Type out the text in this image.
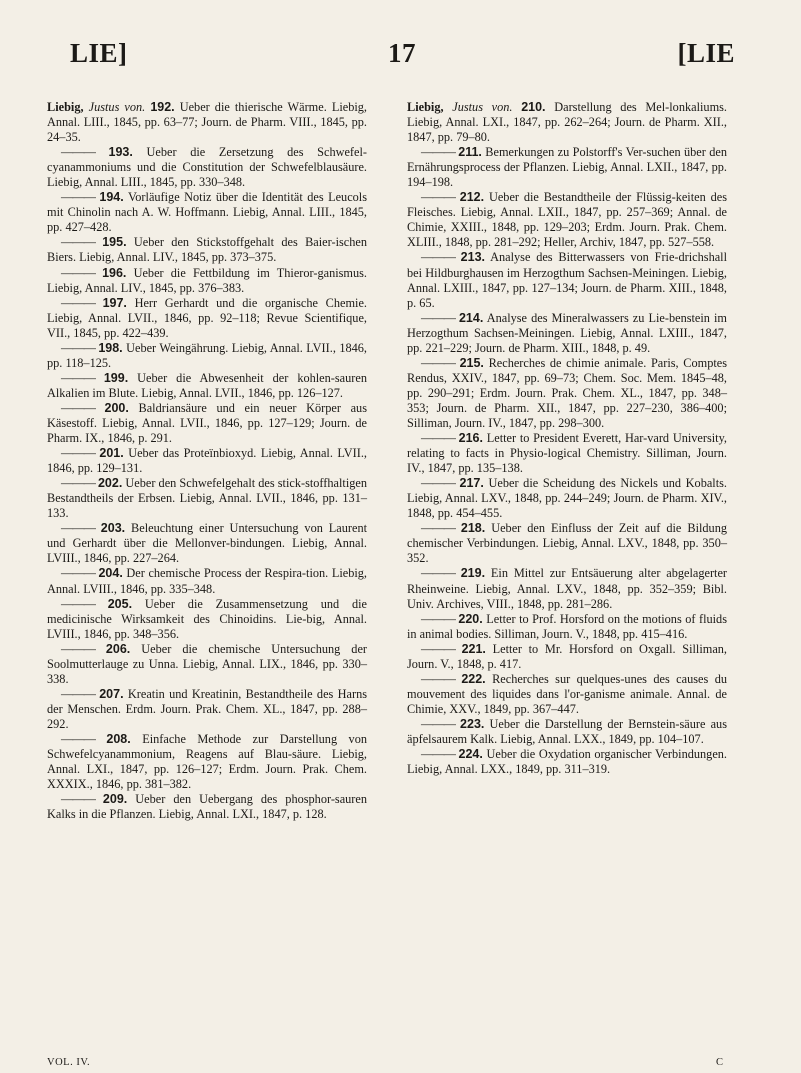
LIE]	17	[LIE

Liebig, Justus von. 192. Ueber die thierische Wärme. Liebig, Annal. LIII., 1845, pp. 63–77; Journ. de Pharm. VIII., 1845, pp. 24–35.

——— 193. Ueber die Zersetzung des Schwefel-cyanammoniums und die Constitution der Schwefelblausäure. Liebig, Annal. LIII., 1845, pp. 330–348.

——— 194. Vorläufige Notiz über die Identität des Leucols mit Chinolin nach A. W. Hoffmann. Liebig, Annal. LIII., 1845, pp. 427–428.

——— 195. Ueber den Stickstoffgehalt des Baier-ischen Biers. Liebig, Annal. LIV., 1845, pp. 373–375.

——— 196. Ueber die Fettbildung im Thieror-ganismus. Liebig, Annal. LIV., 1845, pp. 376–383.

——— 197. Herr Gerhardt und die organische Chemie. Liebig, Annal. LVII., 1846, pp. 92–118; Revue Scientifique, VII., 1845, pp. 422–439.

——— 198. Ueber Weingährung. Liebig, Annal. LVII., 1846, pp. 118–125.

——— 199. Ueber die Abwesenheit der kohlen-sauren Alkalien im Blute. Liebig, Annal. LVII., 1846, pp. 126–127.

——— 200. Baldriansäure und ein neuer Körper aus Käsestoff. Liebig, Annal. LVII., 1846, pp. 127–129; Journ. de Pharm. IX., 1846, p. 291.

——— 201. Ueber das Proteïnbioxyd. Liebig, Annal. LVII., 1846, pp. 129–131.

——— 202. Ueber den Schwefelgehalt des stick-stoffhaltigen Bestandtheils der Erbsen. Liebig, Annal. LVII., 1846, pp. 131–133.

——— 203. Beleuchtung einer Untersuchung von Laurent und Gerhardt über die Mellonver-bindungen. Liebig, Annal. LVIII., 1846, pp. 227–264.

——— 204. Der chemische Process der Respira-tion. Liebig, Annal. LVIII., 1846, pp. 335–348.

——— 205. Ueber die Zusammensetzung und die medicinische Wirksamkeit des Chinoidins. Lie-big, Annal. LVIII., 1846, pp. 348–356.

——— 206. Ueber die chemische Untersuchung der Soolmutterlauge zu Unna. Liebig, Annal. LIX., 1846, pp. 330–338.

——— 207. Kreatin und Kreatinin, Bestandtheile des Harns der Menschen. Erdm. Journ. Prak. Chem. XL., 1847, pp. 288–292.

——— 208. Einfache Methode zur Darstellung von Schwefelcyanammonium, Reagens auf Blau-säure. Liebig, Annal. LXI., 1847, pp. 126–127; Erdm. Journ. Prak. Chem. XXXIX., 1846, pp. 381–382.

——— 209. Ueber den Uebergang des phosphor-sauren Kalks in die Pflanzen. Liebig, Annal. LXI., 1847, p. 128.

Liebig, Justus von. 210. Darstellung des Mel-lonkaliums. Liebig, Annal. LXI., 1847, pp. 262–264; Journ. de Pharm. XII., 1847, pp. 79–80.

——— 211. Bemerkungen zu Polstorff's Ver-suchen über den Ernährungsprocess der Pflanzen. Liebig, Annal. LXII., 1847, pp. 194–198.

——— 212. Ueber die Bestandtheile der Flüssig-keiten des Fleisches. Liebig, Annal. LXII., 1847, pp. 257–369; Annal. de Chimie, XXIII., 1848, pp. 129–203; Erdm. Journ. Prak. Chem. XLIII., 1848, pp. 281–292; Heller, Archiv, 1847, pp. 527–558.

——— 213. Analyse des Bitterwassers von Frie-drichshall bei Hildburghausen im Herzogthum Sachsen-Meiningen. Liebig, Annal. LXIII., 1847, pp. 127–134; Journ. de Pharm. XIII., 1848, p. 65.

——— 214. Analyse des Mineralwassers zu Lie-benstein im Herzogthum Sachsen-Meiningen. Liebig, Annal. LXIII., 1847, pp. 221–229; Journ. de Pharm. XIII., 1848, p. 49.

——— 215. Recherches de chimie animale. Paris, Comptes Rendus, XXIV., 1847, pp. 69–73; Chem. Soc. Mem. 1845–48, pp. 290–291; Erdm. Journ. Prak. Chem. XL., 1847, pp. 348–353; Journ. de Pharm. XII., 1847, pp. 227–230, 386–400; Silliman, Journ. IV., 1847, pp. 298–300.

——— 216. Letter to President Everett, Har-vard University, relating to facts in Physio-logical Chemistry. Silliman, Journ. IV., 1847, pp. 135–138.

——— 217. Ueber die Scheidung des Nickels und Kobalts. Liebig, Annal. LXV., 1848, pp. 244–249; Journ. de Pharm. XIV., 1848, pp. 454–455.

——— 218. Ueber den Einfluss der Zeit auf die Bildung chemischer Verbindungen. Liebig, Annal. LXV., 1848, pp. 350–352.

——— 219. Ein Mittel zur Entsäuerung alter abgelagerter Rheinweine. Liebig, Annal. LXV., 1848, pp. 352–359; Bibl. Univ. Archives, VIII., 1848, pp. 281–286.

——— 220. Letter to Prof. Horsford on the motions of fluids in animal bodies. Silliman, Journ. V., 1848, pp. 415–416.

——— 221. Letter to Mr. Horsford on Oxgall. Silliman, Journ. V., 1848, p. 417.

——— 222. Recherches sur quelques-unes des causes du mouvement des liquides dans l'or-ganisme animale. Annal. de Chimie, XXV., 1849, pp. 367–447.

——— 223. Ueber die Darstellung der Bernstein-säure aus äpfelsaurem Kalk. Liebig, Annal. LXX., 1849, pp. 104–107.

——— 224. Ueber die Oxydation organischer Verbindungen. Liebig, Annal. LXX., 1849, pp. 311–319.

VOL. IV.	C
